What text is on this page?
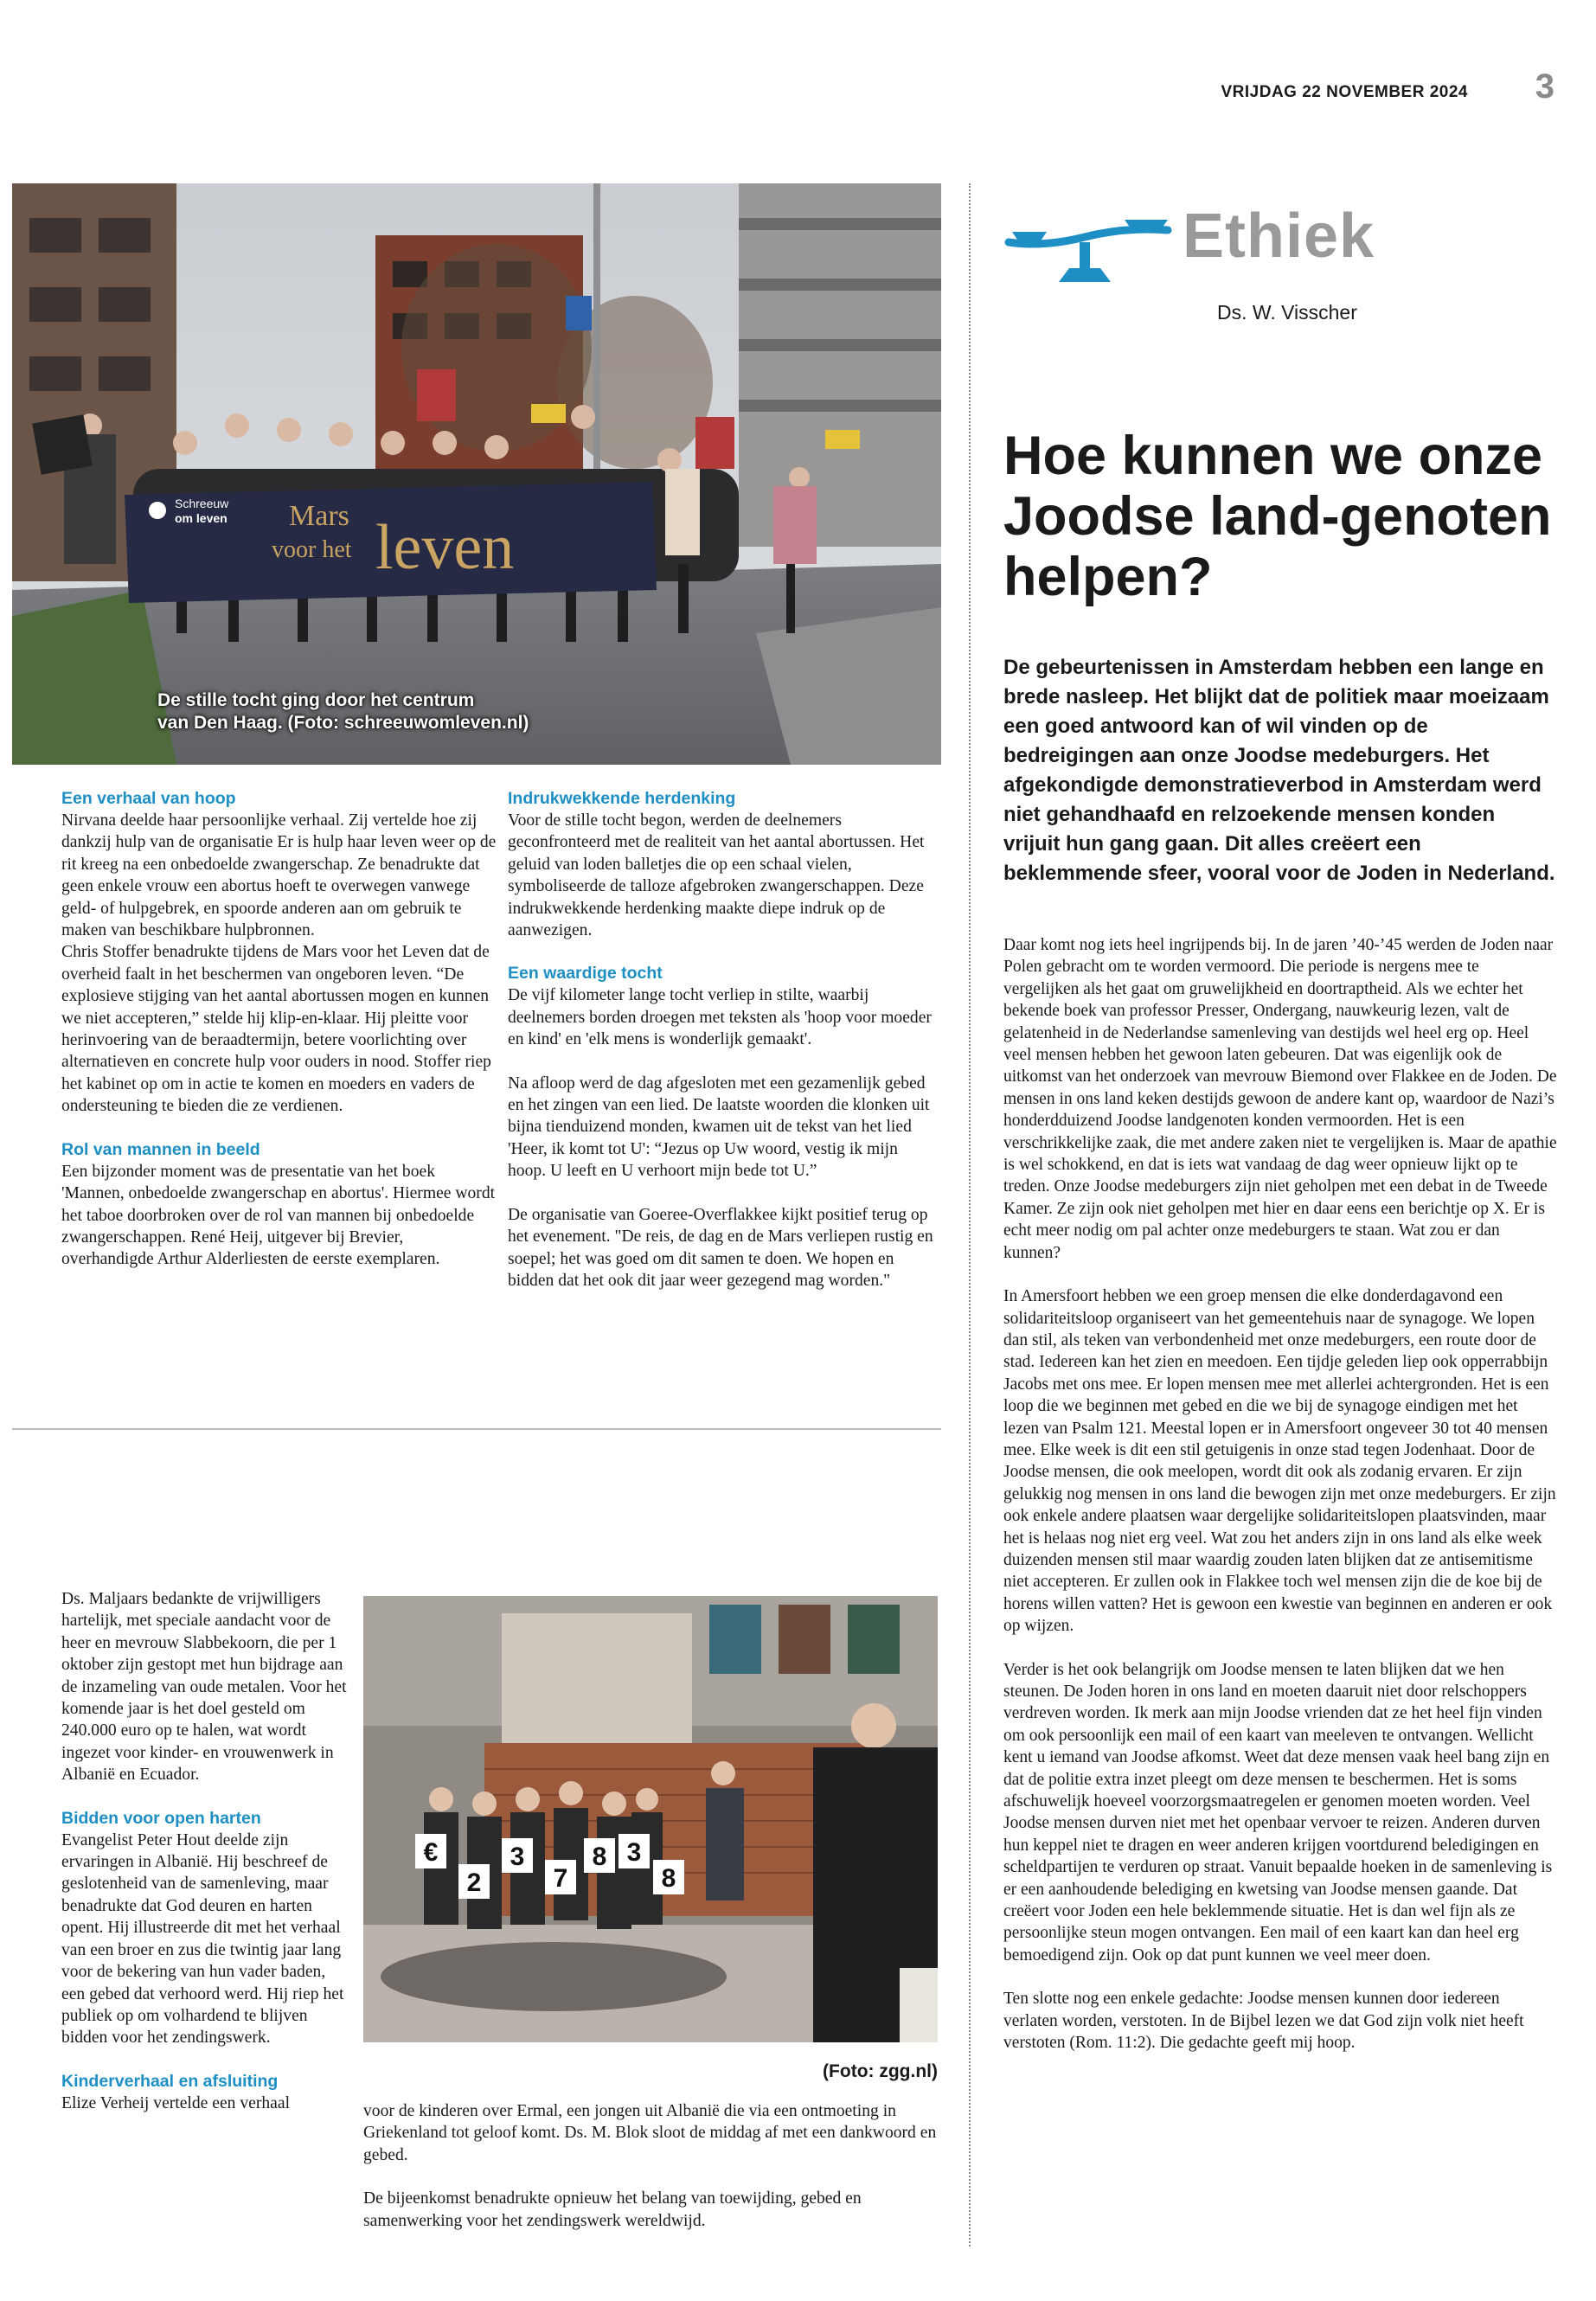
VRIJDAG 22 NOVEMBER 2024 3
Schreeuw
om leven Mars
voor het leven
De stille tocht ging door het centrum
van Den Haag. (Foto: schreeuwomleven.nl)

Een verhaal van hoop

Nirvana deelde haar persoonlijke verhaal. Zij vertelde hoe zij dankzij hulp van de organisatie Er is hulp haar leven weer op de rit kreeg na een onbedoelde zwangerschap. Ze benadrukte dat geen enkele vrouw een abortus hoeft te overwegen vanwege geld- of hulpgebrek, en spoorde anderen aan om gebruik te maken van beschikbare hulpbronnen.

Chris Stoffer benadrukte tijdens de Mars voor het Leven dat de overheid faalt in het beschermen van ongeboren leven. “De explosieve stijging van het aantal abortussen mogen en kunnen we niet accepteren,” stelde hij klip-en-klaar. Hij pleitte voor herinvoering van de beraadtermijn, betere voorlichting over alternatieven en concrete hulp voor ouders in nood. Stoffer riep het kabinet op om in actie te komen en moeders en vaders de ondersteuning te bieden die ze verdienen.

Rol van mannen in beeld

Een bijzonder moment was de presentatie van het boek 'Mannen, onbedoelde zwangerschap en abortus'. Hiermee wordt het taboe doorbroken over de rol van mannen bij onbedoelde zwangerschappen. René Heij, uitgever bij Brevier, overhandigde Arthur Alderliesten de eerste exemplaren.

Indrukwekkende herdenking

Voor de stille tocht begon, werden de deelnemers geconfronteerd met de realiteit van het aantal abortussen. Het geluid van loden balletjes die op een schaal vielen, symboliseerde de talloze afgebroken zwangerschappen. Deze indrukwekkende herdenking maakte diepe indruk op de aanwezigen.

Een waardige tocht

De vijf kilometer lange tocht verliep in stilte, waarbij deelnemers borden droegen met teksten als 'hoop voor moeder en kind' en 'elk mens is wonderlijk gemaakt'.

Na afloop werd de dag afgesloten met een gezamenlijk gebed en het zingen van een lied. De laatste woorden die klonken uit bijna tienduizend monden, kwamen uit de tekst van het lied 'Heer, ik komt tot U': “Jezus op Uw woord, vestig ik mijn hoop. U leeft en U verhoort mijn bede tot U.”

De organisatie van Goeree-Overflakkee kijkt positief terug op het evenement. "De reis, de dag en de Mars verliepen rustig en soepel; het was goed om dit samen te doen. We hopen en bidden dat het ook dit jaar weer gezegend mag worden."

Ds. Maljaars bedankte de vrijwilligers hartelijk, met speciale aandacht voor de heer en mevrouw Slabbekoorn, die per 1 oktober zijn gestopt met hun bijdrage aan de inzameling van oude metalen. Voor het komende jaar is het doel gesteld om 240.000 euro op te halen, wat wordt ingezet voor kinder- en vrouwenwerk in Albanië en Ecuador.

Bidden voor open harten

Evangelist Peter Hout deelde zijn ervaringen in Albanië. Hij beschreef de geslotenheid van de samenleving, maar benadrukte dat God deuren en harten opent. Hij illustreerde dit met het verhaal van een broer en zus die twintig jaar lang voor de bekering van hun vader baden, een gebed dat verhoord werd. Hij riep het publiek op om volhardend te blijven bidden voor het zendingswerk.

Kinderverhaal en afsluiting

Elize Verheij vertelde een verhaal

€
2
3
7
8 3
8
(Foto: zgg.nl)

voor de kinderen over Ermal, een jongen uit Albanië die via een ontmoeting in Griekenland tot geloof komt. Ds. M. Blok sloot de middag af met een dankwoord en gebed.

De bijeenkomst benadrukte opnieuw het belang van toewijding, gebed en samenwerking voor het zendingswerk wereldwijd.

Ethiek
Ds. W. Visscher
Hoe kunnen we onze Joodse land-genoten helpen?
De gebeurtenissen in Amsterdam hebben een lange en brede nasleep. Het blijkt dat de politiek maar moeizaam een goed antwoord kan of wil vinden op de bedreigingen aan onze Joodse medeburgers. Het afgekondigde demonstratieverbod in Amsterdam werd niet gehandhaafd en relzoekende mensen konden vrijuit hun gang gaan. Dit alles creëert een beklemmende sfeer, vooral voor de Joden in Nederland.

Daar komt nog iets heel ingrijpends bij. In de jaren ’40-’45 werden de Joden naar Polen gebracht om te worden vermoord. Die periode is nergens mee te vergelijken als het gaat om gruwelijkheid en doortraptheid. Als we echter het bekende boek van professor Presser, Ondergang, nauwkeurig lezen, valt de gelatenheid in de Nederlandse samenleving van destijds wel heel erg op. Heel veel mensen hebben het gewoon laten gebeuren. Dat was eigenlijk ook de uitkomst van het onderzoek van mevrouw Biemond over Flakkee en de Joden. De mensen in ons land keken destijds gewoon de andere kant op, waardoor de Nazi’s honderdduizend Joodse landgenoten konden vermoorden. Het is een verschrikkelijke zaak, die met andere zaken niet te vergelijken is. Maar de apathie is wel schokkend, en dat is iets wat vandaag de dag weer opnieuw lijkt op te treden. Onze Joodse medeburgers zijn niet geholpen met een debat in de Tweede Kamer. Ze zijn ook niet geholpen met hier en daar eens een berichtje op X. Er is echt meer nodig om pal achter onze medeburgers te staan. Wat zou er dan kunnen?

In Amersfoort hebben we een groep mensen die elke donderdagavond een solidariteitsloop organiseert van het gemeentehuis naar de synagoge. We lopen dan stil, als teken van verbondenheid met onze medeburgers, een route door de stad. Iedereen kan het zien en meedoen. Een tijdje geleden liep ook opperrabbijn Jacobs met ons mee. Er lopen mensen mee met allerlei achtergronden. Het is een loop die we beginnen met gebed en die we bij de synagoge eindigen met het lezen van Psalm 121. Meestal lopen er in Amersfoort ongeveer 30 tot 40 mensen mee. Elke week is dit een stil getuigenis in onze stad tegen Jodenhaat. Door de Joodse mensen, die ook meelopen, wordt dit ook als zodanig ervaren. Er zijn gelukkig nog mensen in ons land die bewogen zijn met onze medeburgers. Er zijn ook enkele andere plaatsen waar dergelijke solidariteitslopen plaatsvinden, maar het is helaas nog niet erg veel. Wat zou het anders zijn in ons land als elke week duizenden mensen stil maar waardig zouden laten blijken dat ze antisemitisme niet accepteren. Er zullen ook in Flakkee toch wel mensen zijn die de koe bij de horens willen vatten? Het is gewoon een kwestie van beginnen en anderen er ook op wijzen.

Verder is het ook belangrijk om Joodse mensen te laten blijken dat we hen steunen. De Joden horen in ons land en moeten daaruit niet door relschoppers verdreven worden. Ik merk aan mijn Joodse vrienden dat ze het heel fijn vinden om ook persoonlijk een mail of een kaart van meeleven te ontvangen. Wellicht kent u iemand van Joodse afkomst. Weet dat deze mensen vaak heel bang zijn en dat de politie extra inzet pleegt om deze mensen te beschermen. Het is soms afschuwelijk hoeveel voorzorgsmaatregelen er genomen moeten worden. Veel Joodse mensen durven niet met het openbaar vervoer te reizen. Anderen durven hun keppel niet te dragen en weer anderen krijgen voortdurend beledigingen en scheldpartijen te verduren op straat. Vanuit bepaalde hoeken in de samenleving is er een aanhoudende belediging en kwetsing van Joodse mensen gaande. Dat creëert voor Joden een hele beklemmende situatie. Het is dan wel fijn als ze persoonlijke steun mogen ontvangen. Een mail of een kaart kan dan heel erg bemoedigend zijn. Ook op dat punt kunnen we veel meer doen.

Ten slotte nog een enkele gedachte: Joodse mensen kunnen door iedereen verlaten worden, verstoten. In de Bijbel lezen we dat God zijn volk niet heeft verstoten (Rom. 11:2). Die gedachte geeft mij hoop.
